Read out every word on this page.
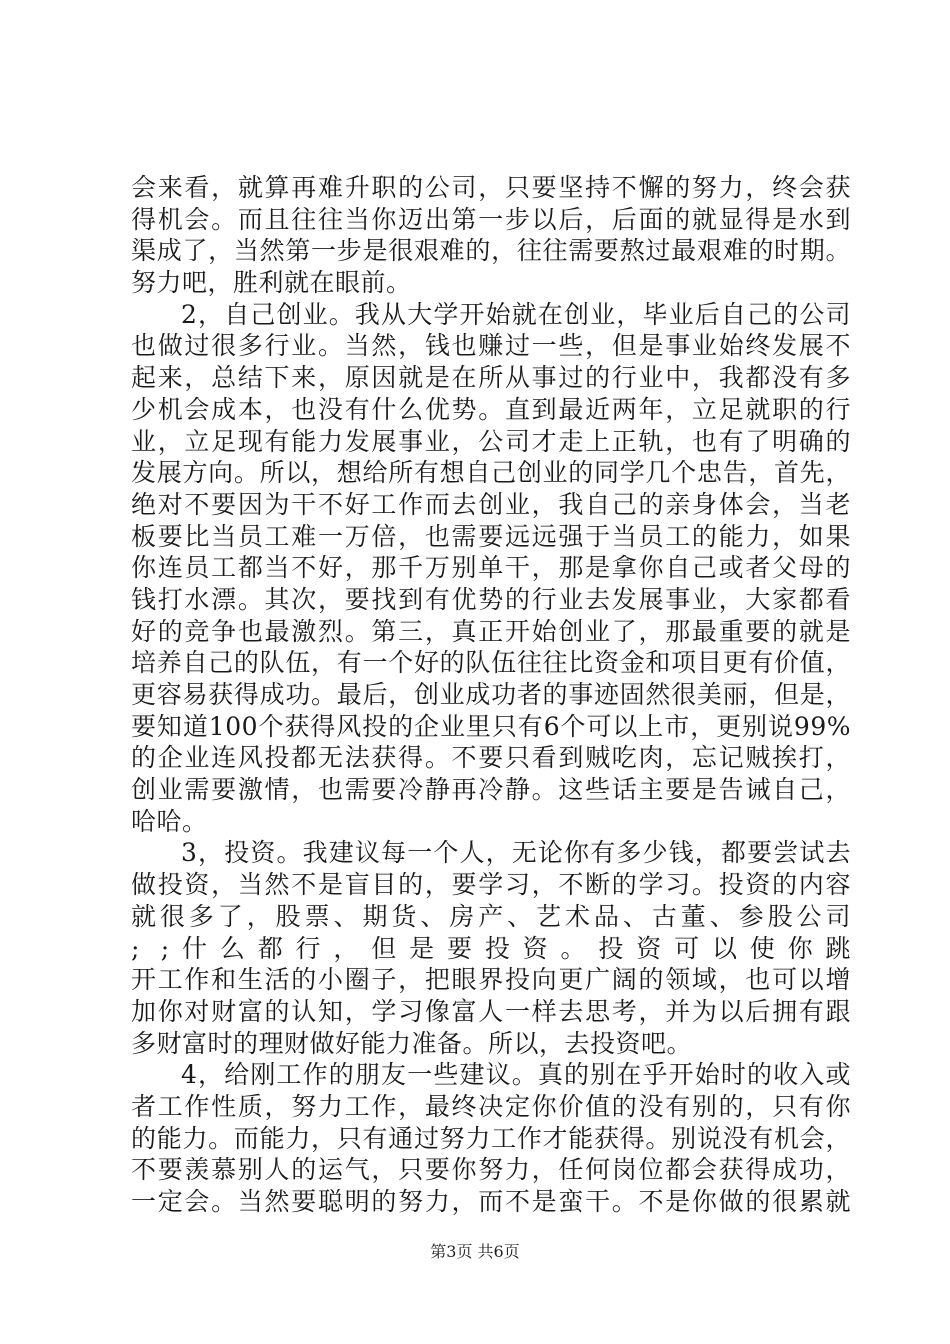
会来看，就算再难升职的公司，只要坚持不懈的努力，终会获
得机会。而且往往当你迈出第一步以后，后面的就显得是水到
渠成了，当然第一步是很艰难的，往往需要熬过最艰难的时期。
努力吧，胜利就在眼前。
2，自己创业。我从大学开始就在创业，毕业后自己的公司
也做过很多行业。当然，钱也赚过一些，但是事业始终发展不
起来，总结下来，原因就是在所从事过的行业中，我都没有多
少机会成本，也没有什么优势。直到最近两年，立足就职的行
业，立足现有能力发展事业，公司才走上正轨，也有了明确的
发展方向。所以，想给所有想自己创业的同学几个忠告，首先，
绝对不要因为干不好工作而去创业，我自己的亲身体会，当老
板要比当员工难一万倍，也需要远远强于当员工的能力，如果
你连员工都当不好，那千万别单干，那是拿你自己或者父母的
钱打水漂。其次，要找到有优势的行业去发展事业，大家都看
好的竞争也最激烈。第三，真正开始创业了，那最重要的就是
培养自己的队伍，有一个好的队伍往往比资金和项目更有价值，
更容易获得成功。最后，创业成功者的事迹固然很美丽，但是，
要知道100个获得风投的企业里只有6个可以上市，更别说99%
的企业连风投都无法获得。不要只看到贼吃肉，忘记贼挨打，
创业需要激情，也需要冷静再冷静。这些话主要是告诫自己，
哈哈。
3，投资。我建议每一个人，无论你有多少钱，都要尝试去
做投资，当然不是盲目的，要学习，不断的学习。投资的内容
就很多了，股票、期货、房产、艺术品、古董、参股公司
; ;什么都行，但是要投资。投资可以使你跳
开工作和生活的小圈子，把眼界投向更广阔的领域，也可以增
加你对财富的认知，学习像富人一样去思考，并为以后拥有跟
多财富时的理财做好能力准备。所以，去投资吧。
4，给刚工作的朋友一些建议。真的别在乎开始时的收入或
者工作性质，努力工作，最终决定你价值的没有别的，只有你
的能力。而能力，只有通过努力工作才能获得。别说没有机会，
不要羡慕别人的运气，只要你努力，任何岗位都会获得成功，
一定会。当然要聪明的努力，而不是蛮干。不是你做的很累就
第3页 共6页
